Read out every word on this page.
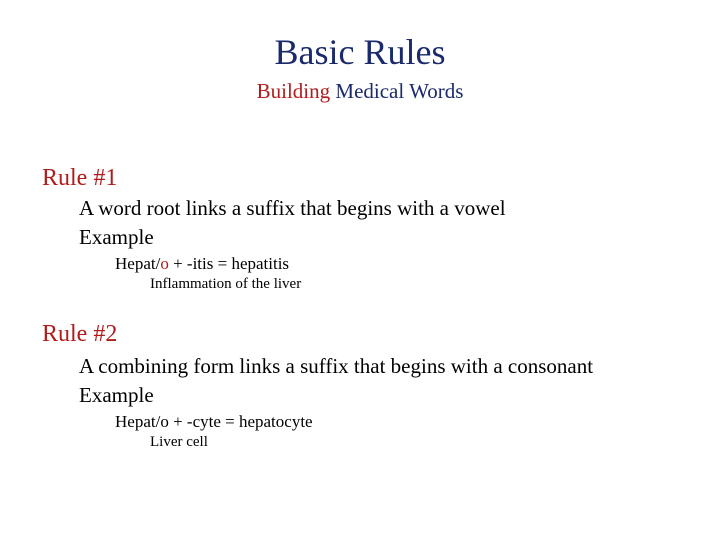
Basic Rules
Building Medical Words
Rule #1
A word root links a suffix that begins with a vowel
Example
Hepat/o + -itis = hepatitis
Inflammation of the liver
Rule #2
A combining form links a suffix that begins with a consonant
Example
Hepat/o + -cyte = hepatocyte
Liver cell
